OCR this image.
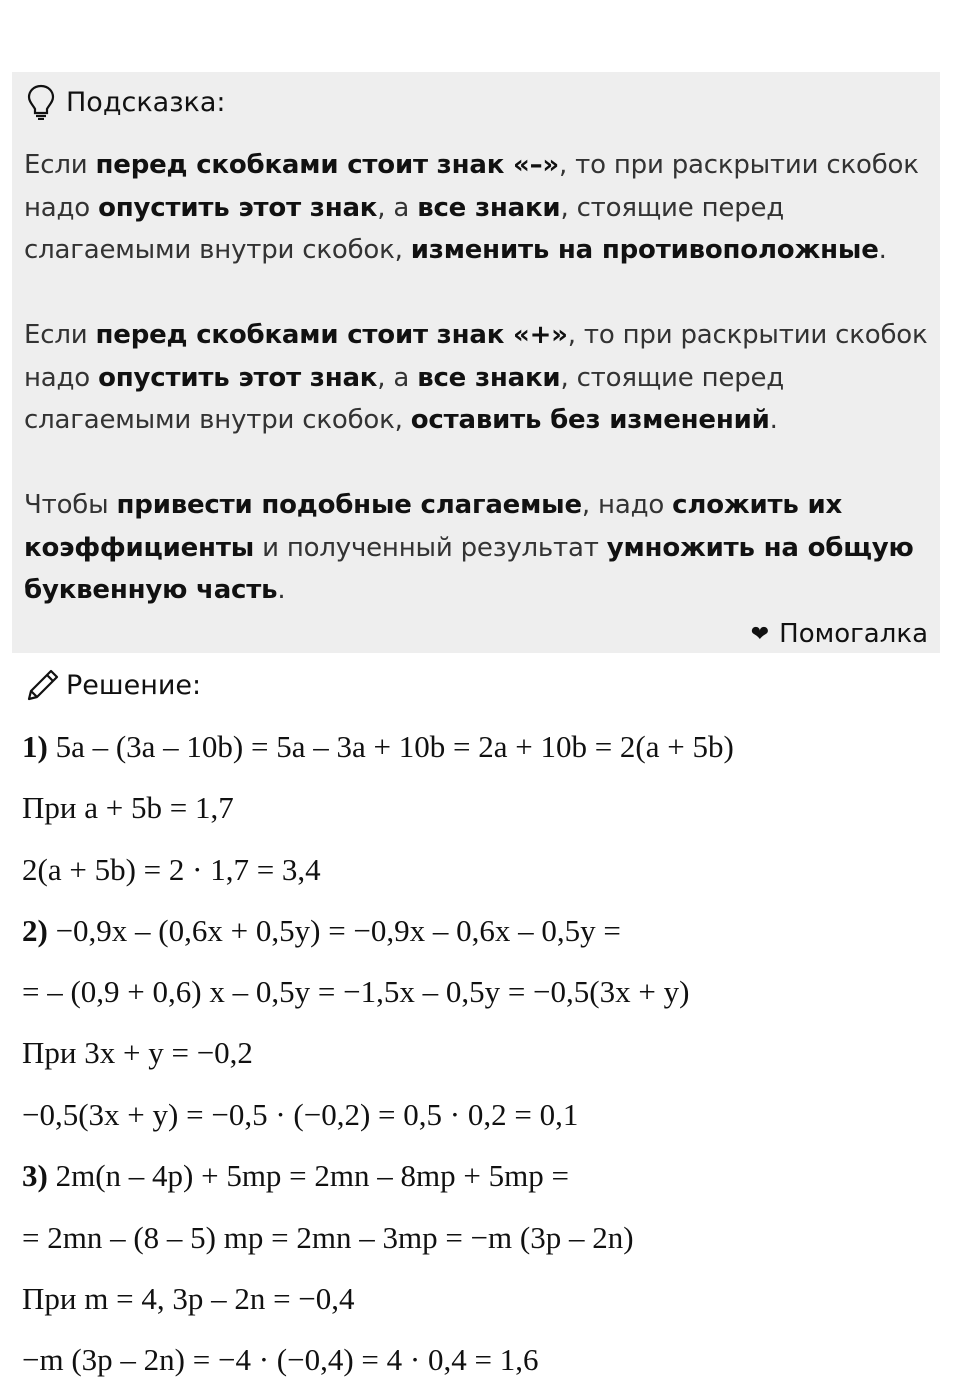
Подсказка:
Если перед скобками стоит знак «–», то при раскрытии скобок надо опустить этот знак, а все знаки, стоящие перед слагаемыми внутри скобок, изменить на противоположные.
Если перед скобками стоит знак «+», то при раскрытии скобок надо опустить этот знак, а все знаки, стоящие перед слагаемыми внутри скобок, оставить без изменений.
Чтобы привести подобные слагаемые, надо сложить их коэффициенты и полученный результат умножить на общую буквенную часть.
❤ Помогалка
Решение:
1) 5a – (3a – 10b) = 5a – 3a + 10b = 2a + 10b = 2(a + 5b)
При a + 5b = 1,7
2(a + 5b) = 2 · 1,7 = 3,4
2) −0,9x – (0,6x + 0,5y) = −0,9x – 0,6x – 0,5y =
= – (0,9 + 0,6) x – 0,5y = −1,5x – 0,5y = −0,5(3x + y)
При 3x + y = −0,2
−0,5(3x + y) = −0,5 · (−0,2) = 0,5 · 0,2 = 0,1
3) 2m(n – 4p) + 5mp = 2mn – 8mp + 5mp =
= 2mn – (8 – 5) mp = 2mn – 3mp = −m (3p – 2n)
При m = 4, 3p – 2n = −0,4
−m (3p – 2n) = −4 · (−0,4) = 4 · 0,4 = 1,6
